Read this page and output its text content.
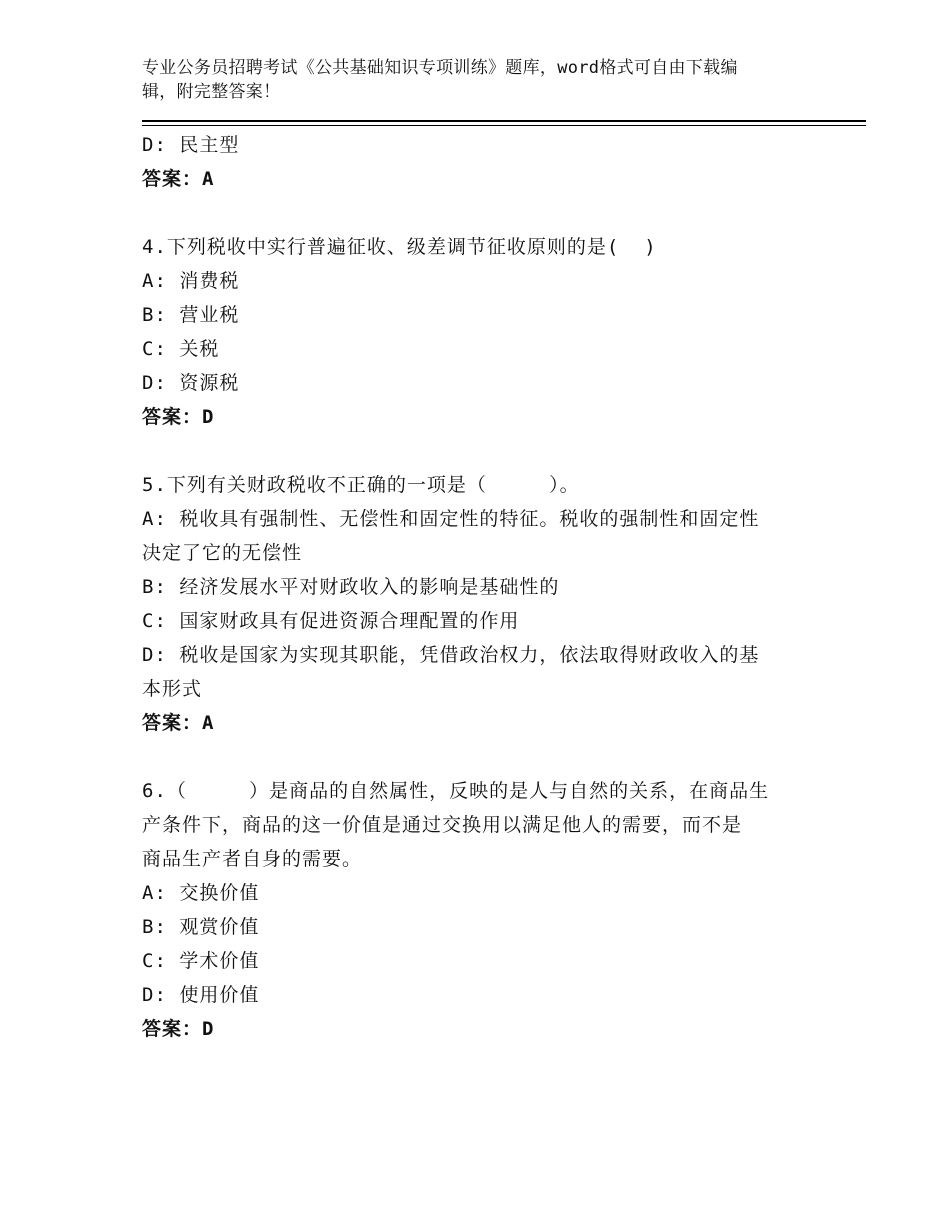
专业公务员招聘考试《公共基础知识专项训练》题库，word格式可自由下载编
辑，附完整答案！

D: 民主型

答案：A

4.下列税收中实行普遍征收、级差调节征收原则的是(  )

A: 消费税

B: 营业税

C: 关税

D: 资源税

答案：D

5.下列有关财政税收不正确的一项是（     ）。

A: 税收具有强制性、无偿性和固定性的特征。税收的强制性和固定性

决定了它的无偿性

B: 经济发展水平对财政收入的影响是基础性的

C: 国家财政具有促进资源合理配置的作用

D: 税收是国家为实现其职能，凭借政治权力，依法取得财政收入的基

本形式

答案：A

6.（     ）是商品的自然属性，反映的是人与自然的关系，在商品生

产条件下，商品的这一价值是通过交换用以满足他人的需要，而不是

商品生产者自身的需要。

A: 交换价值

B: 观赏价值

C: 学术价值

D: 使用价值

答案：D
